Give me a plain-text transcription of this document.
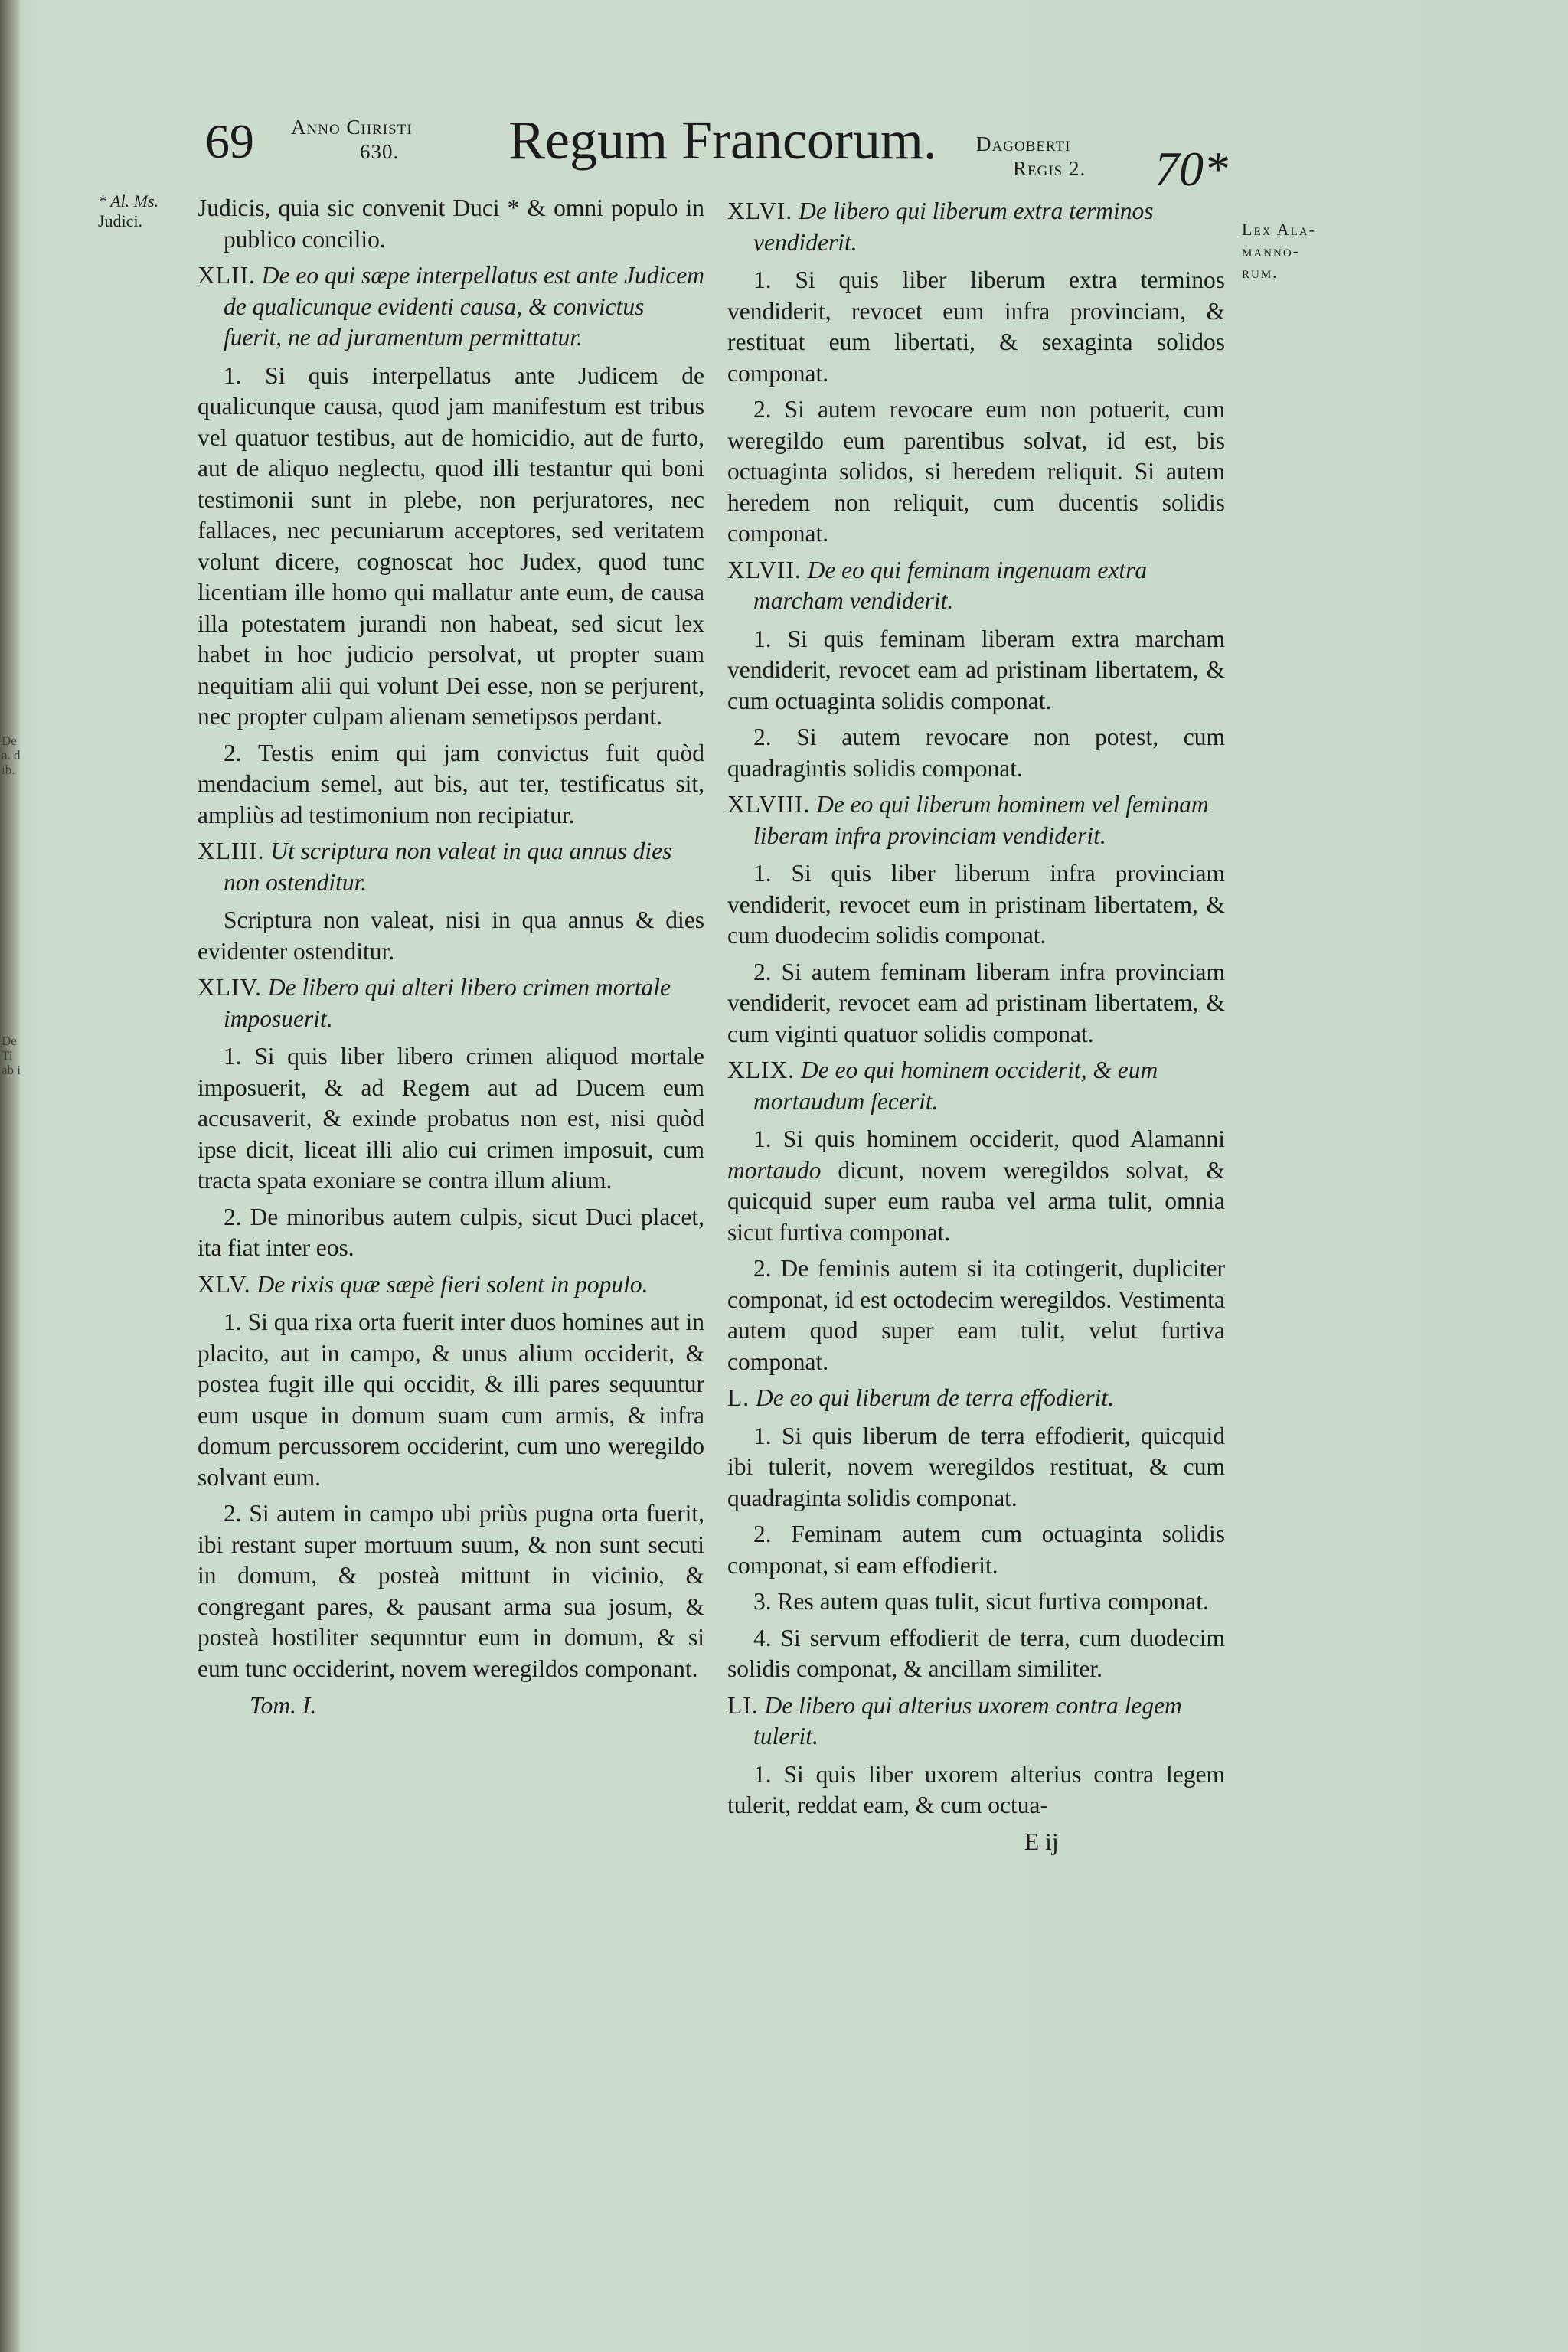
De
a. d
ib.
De
Ti
ab i
69 Anno Christi
630. Regum Francorum. Dagoberti
Regis 2. 70*
* Al. Ms.
Judici.	Lex Ala-
manno-
rum.

Judicis, quia sic convenit Duci * & omni populo in publico concilio.

XLII. De eo qui sæpe interpellatus est ante Judicem de qualicunque evidenti causa, & convictus fuerit, ne ad juramentum permittatur.

1. Si quis interpellatus ante Judicem de qualicunque causa, quod jam manifestum est tribus vel quatuor testibus, aut de homicidio, aut de furto, aut de aliquo neglectu, quod illi testantur qui boni testimonii sunt in plebe, non perjuratores, nec fallaces, nec pecuniarum acceptores, sed veritatem volunt dicere, cognoscat hoc Judex, quod tunc licentiam ille homo qui mallatur ante eum, de causa illa potestatem jurandi non habeat, sed sicut lex habet in hoc judicio persolvat, ut propter suam nequitiam alii qui volunt Dei esse, non se perjurent, nec propter culpam alienam semetipsos perdant.

2. Testis enim qui jam convictus fuit quòd mendacium semel, aut bis, aut ter, testificatus sit, ampliùs ad testimonium non recipiatur.

XLIII. Ut scriptura non valeat in qua annus dies non ostenditur.

Scriptura non valeat, nisi in qua annus & dies evidenter ostenditur.

XLIV. De libero qui alteri libero crimen mortale imposuerit.

1. Si quis liber libero crimen aliquod mortale imposuerit, & ad Regem aut ad Ducem eum accusaverit, & exinde probatus non est, nisi quòd ipse dicit, liceat illi alio cui crimen imposuit, cum tracta spata exoniare se contra illum alium.

2. De minoribus autem culpis, sicut Duci placet, ita fiat inter eos.

XLV. De rixis quæ sæpè fieri solent in populo.

1. Si qua rixa orta fuerit inter duos homines aut in placito, aut in campo, & unus alium occiderit, & postea fugit ille qui occidit, & illi pares sequuntur eum usque in domum suam cum armis, & infra domum percussorem occiderint, cum uno weregildo solvant eum.

2. Si autem in campo ubi priùs pugna orta fuerit, ibi restant super mortuum suum, & non sunt secuti in domum, & posteà mittunt in vicinio, & congregant pares, & pausant arma sua josum, & posteà hostiliter sequnntur eum in domum, & si eum tunc occiderint, novem weregildos componant.

Tom. I.
XLVI. De libero qui liberum extra terminos vendiderit.

1. Si quis liber liberum extra terminos vendiderit, revocet eum infra provinciam, & restituat eum libertati, & sexaginta solidos componat.

2. Si autem revocare eum non potuerit, cum weregildo eum parentibus solvat, id est, bis octuaginta solidos, si heredem reliquit. Si autem heredem non reliquit, cum ducentis solidis componat.

XLVII. De eo qui feminam ingenuam extra marcham vendiderit.

1. Si quis feminam liberam extra marcham vendiderit, revocet eam ad pristinam libertatem, & cum octuaginta solidis componat.

2. Si autem revocare non potest, cum quadragintis solidis componat.

XLVIII. De eo qui liberum hominem vel feminam liberam infra provinciam vendiderit.

1. Si quis liber liberum infra provinciam vendiderit, revocet eum in pristinam libertatem, & cum duodecim solidis componat.

2. Si autem feminam liberam infra provinciam vendiderit, revocet eam ad pristinam libertatem, & cum viginti quatuor solidis componat.

XLIX. De eo qui hominem occiderit, & eum mortaudum fecerit.

1. Si quis hominem occiderit, quod Alamanni mortaudo dicunt, novem weregildos solvat, & quicquid super eum rauba vel arma tulit, omnia sicut furtiva componat.

2. De feminis autem si ita cotingerit, dupliciter componat, id est octodecim weregildos. Vestimenta autem quod super eam tulit, velut furtiva componat.

L. De eo qui liberum de terra effodierit.

1. Si quis liberum de terra effodierit, quicquid ibi tulerit, novem weregildos restituat, & cum quadraginta solidis componat.

2. Feminam autem cum octuaginta solidis componat, si eam effodierit.

3. Res autem quas tulit, sicut furtiva componat.

4. Si servum effodierit de terra, cum duodecim solidis componat, & ancillam similiter.

LI. De libero qui alterius uxorem contra legem tulerit.

1. Si quis liber uxorem alterius contra legem tulerit, reddat eam, & cum octua-

E ij
